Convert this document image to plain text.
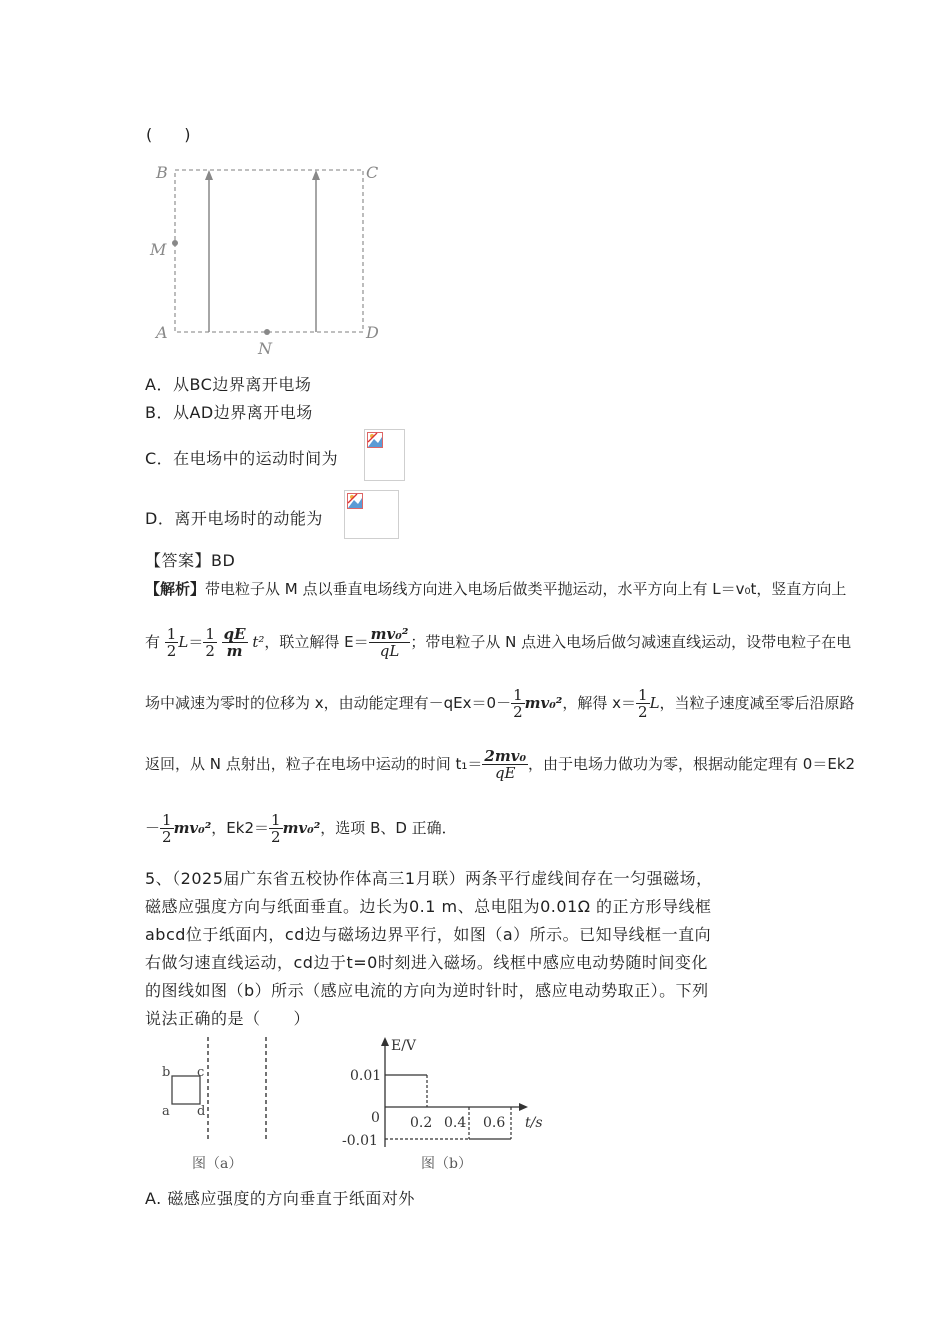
(　　)
B	C
M
A	D
N
A．从BC边界离开电场
B．从AD边界离开电场
C．在电场中的运动时间为
D．离开电场时的动能为
【答案】BD
【解析】带电粒子从 M 点以垂直电场线方向进入电场后做类平抛运动，水平方向上有 L＝v₀t，竖直方向上
有 $\frac{1}{2} L= \frac{1}{2}$
$\frac{qE}{m} t^2$，联立解得 $E= \frac{\text{mv₀²}}{qL}$ ；带电粒子从 N 点进入电场后做匀减速直线运动，设带电粒子在电
场中减速为零时的位移为 x，由动能定理有$-qEx=0- \frac{1}{2} mv_0^2$，解得 $x= \frac{1}{2}$ L，当粒子速度减至零后沿原路
返回，从 N 点射出，粒子在电场中运动的时间 $t_1= \frac{\text{2mv₀}}{qE}$ ，由于电场力做功为零，根据动能定理有 0＝Ek2
－ $\frac{1}{2} mv_0^2$，$Ek2= \frac{1}{2} mv_0^2$，选项 B、D 正确．
5、（2025届广东省五校协作体高三1月联）两条平行虚线间存在一匀强磁场，
磁感应强度方向与纸面垂直。边长为0.1 m、总电阻为0.01Ω 的正方形导线框
abcd位于纸面内，cd边与磁场边界平行，如图（a）所示。已知导线框一直向
右做匀速直线运动，cd边于t=0时刻进入磁场。线框中感应电动势随时间变化
的图线如图（b）所示（感应电流的方向为逆时针时，感应电动势取正）。下列
说法正确的是（　　）
b c
a d
图（a）
E/V
t/s
0.01
0
-0.01
0.2 0.4 0.6
图（b）
A. 磁感应强度的方向垂直于纸面对外
